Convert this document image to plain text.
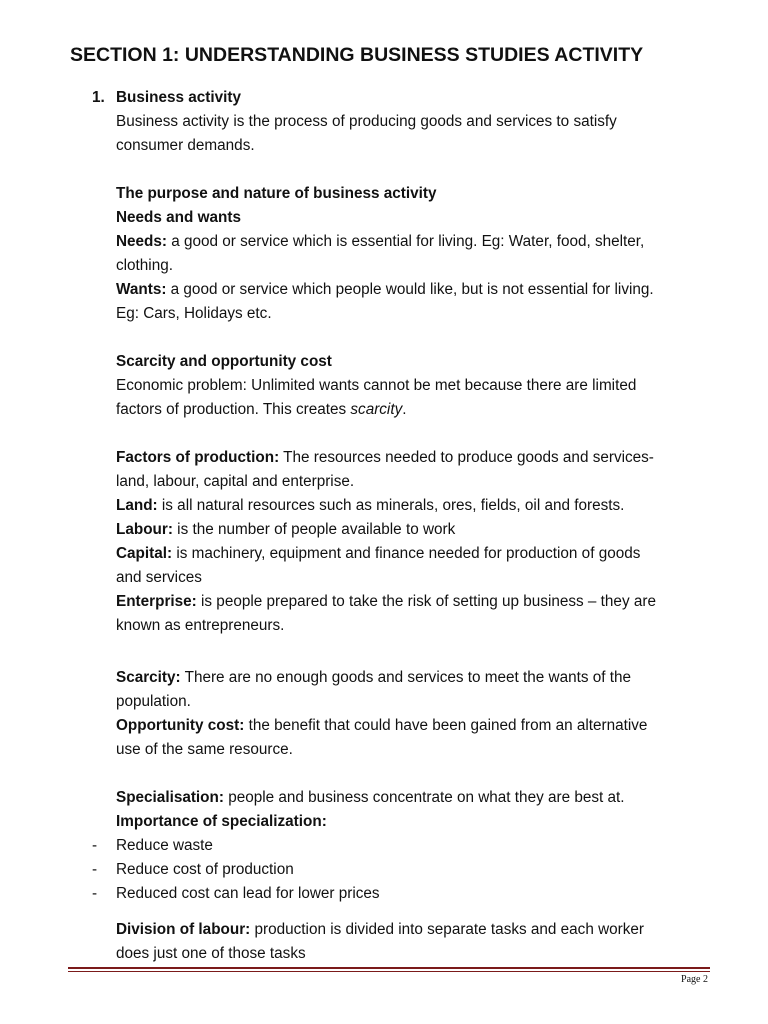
SECTION 1: UNDERSTANDING BUSINESS STUDIES ACTIVITY
1. Business activity

Business activity is the process of producing goods and services to satisfy

consumer demands.

The purpose and nature of business activity

Needs and wants

Needs: a good or service which is essential for living. Eg: Water, food, shelter,

clothing.

Wants: a good or service which people would like, but is not essential for living.

Eg: Cars, Holidays etc.

Scarcity and opportunity cost

Economic problem: Unlimited wants cannot be met because there are limited

factors of production. This creates scarcity.

Factors of production: The resources needed to produce goods and services-

land, labour, capital and enterprise.

Land: is all natural resources such as minerals, ores, fields, oil and forests.

Labour: is the number of people available to work

Capital: is machinery, equipment and finance needed for production of goods

and services

Enterprise: is people prepared to take the risk of setting up business – they are

known as entrepreneurs.

Scarcity: There are no enough goods and services to meet the wants of the

population.

Opportunity cost: the benefit that could have been gained from an alternative

use of the same resource.

Specialisation: people and business concentrate on what they are best at.

Importance of specialization:

- Reduce waste

- Reduce cost of production

- Reduced cost can lead for lower prices

Division of labour: production is divided into separate tasks and each worker

does just one of those tasks

Page 2
